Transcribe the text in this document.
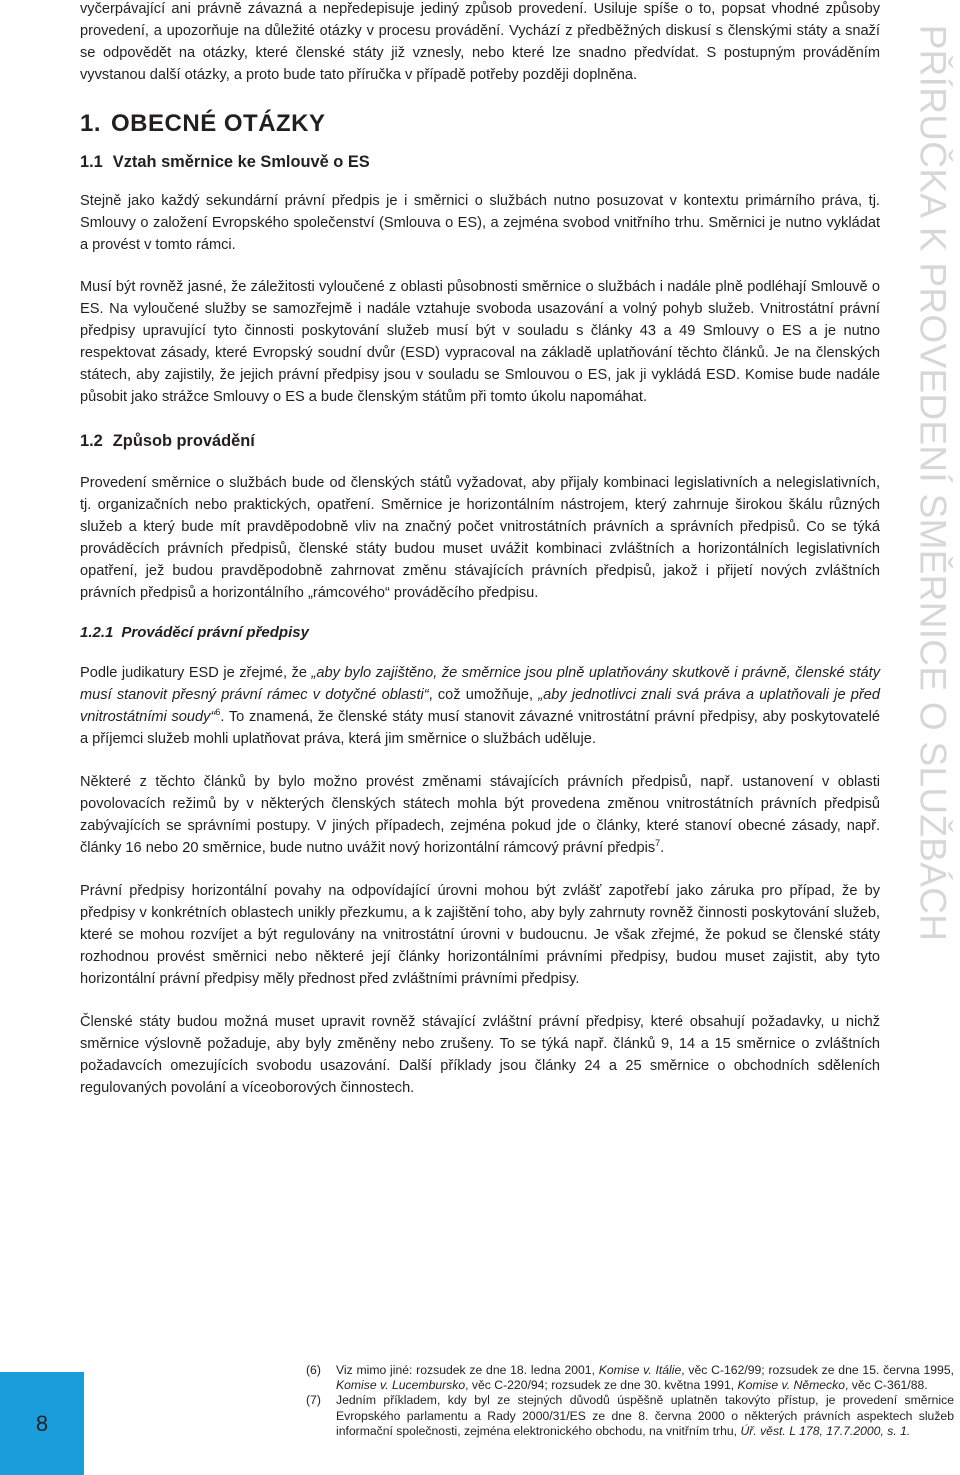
vyčerpávající ani právně závazná a nepředepisuje jediný způsob provedení. Usiluje spíše o to, popsat vhodné způsoby provedení, a upozorňuje na důležité otázky v procesu provádění. Vychází z předběžných diskusí s členskými státy a snaží se odpovědět na otázky, které členské státy již vznesly, nebo které lze snadno předvídat. S postupným prováděním vyvstanou další otázky, a proto bude tato příručka v případě potřeby později doplněna.

1. OBECNÉ OTÁZKY
1.1 Vztah směrnice ke Smlouvě o ES

Stejně jako každý sekundární právní předpis je i směrnici o službách nutno posuzovat v kontextu primárního práva, tj. Smlouvy o založení Evropského společenství (Smlouva o ES), a zejména svobod vnitřního trhu. Směrnici je nutno vykládat a provést v tomto rámci.

Musí být rovněž jasné, že záležitosti vyloučené z oblasti působnosti směrnice o službách i nadále plně podléhají Smlouvě o ES. Na vyloučené služby se samozřejmě i nadále vztahuje svoboda usazování a volný pohyb služeb. Vnitrostátní právní předpisy upravující tyto činnosti poskytování služeb musí být v souladu s články 43 a 49 Smlouvy o ES a je nutno respektovat zásady, které Evropský soudní dvůr (ESD) vypracoval na základě uplatňování těchto článků. Je na členských státech, aby zajistily, že jejich právní předpisy jsou v souladu se Smlouvou o ES, jak ji vykládá ESD. Komise bude nadále působit jako strážce Smlouvy o ES a bude členským státům při tomto úkolu napomáhat.

1.2 Způsob provádění

Provedení směrnice o službách bude od členských států vyžadovat, aby přijaly kombinaci legislativních a nelegislativních, tj. organizačních nebo praktických, opatření. Směrnice je horizontálním nástrojem, který zahrnuje širokou škálu různých služeb a který bude mít pravděpodobně vliv na značný počet vnitrostátních právních a správních předpisů. Co se týká prováděcích právních předpisů, členské státy budou muset uvážit kombinaci zvláštních a horizontálních legislativních opatření, jež budou pravděpodobně zahrnovat změnu stávajících právních předpisů, jakož i přijetí nových zvláštních právních předpisů a horizontálního „rámcového“ prováděcího předpisu.

1.2.1 Prováděcí právní předpisy

Podle judikatury ESD je zřejmé, že „aby bylo zajištěno, že směrnice jsou plně uplatňovány skutkově i právně, členské státy musí stanovit přesný právní rámec v dotyčné oblasti“, což umožňuje, „aby jednotlivci znali svá práva a uplatňovali je před vnitrostátními soudy“$^6$. To znamená, že členské státy musí stanovit závazné vnitrostátní právní předpisy, aby poskytovatelé a příjemci služeb mohli uplatňovat práva, která jim směrnice o službách uděluje.

Některé z těchto článků by bylo možno provést změnami stávajících právních předpisů, např. ustanovení v oblasti povolovacích režimů by v některých členských státech mohla být provedena změnou vnitrostátních právních předpisů zabývajících se správními postupy. V jiných případech, zejména pokud jde o články, které stanoví obecné zásady, např. články 16 nebo 20 směrnice, bude nutno uvážit nový horizontální rámcový právní předpis$^7$.

Právní předpisy horizontální povahy na odpovídající úrovni mohou být zvlášť zapotřebí jako záruka pro případ, že by předpisy v konkrétních oblastech unikly přezkumu, a k zajištění toho, aby byly zahrnuty rovněž činnosti poskytování služeb, které se mohou rozvíjet a být regulovány na vnitrostátní úrovni v budoucnu. Je však zřejmé, že pokud se členské státy rozhodnou provést směrnici nebo některé její články horizontálními právními předpisy, budou muset zajistit, aby tyto horizontální právní předpisy měly přednost před zvláštními právními předpisy.

Členské státy budou možná muset upravit rovněž stávající zvláštní právní předpisy, které obsahují požadavky, u nichž směrnice výslovně požaduje, aby byly změněny nebo zrušeny. To se týká např. článků 9, 14 a 15 směrnice o zvláštních požadavcích omezujících svobodu usazování. Další příklady jsou články 24 a 25 směrnice o obchodních sděleních regulovaných povolání a víceoborových činnostech.

PŘÍRUČKA K PROVEDENÍ SMĚRNICE O SLUŽBÁCH
8
(6)	Viz mimo jiné: rozsudek ze dne 18. ledna 2001, Komise v. Itálie, věc C-162/99; rozsudek ze dne 15. června 1995, Komise v. Lucembursko, věc C-220/94; rozsudek ze dne 30. května 1991, Komise v. Německo, věc C-361/88.
(7)	Jedním příkladem, kdy byl ze stejných důvodů úspěšně uplatněn takovýto přístup, je provedení směrnice Evropského parlamentu a Rady 2000/31/ES ze dne 8. června 2000 o některých právních aspektech služeb informační společnosti, zejména elektronického obchodu, na vnitřním trhu, Úř. věst. L 178, 17.7.2000, s. 1.
